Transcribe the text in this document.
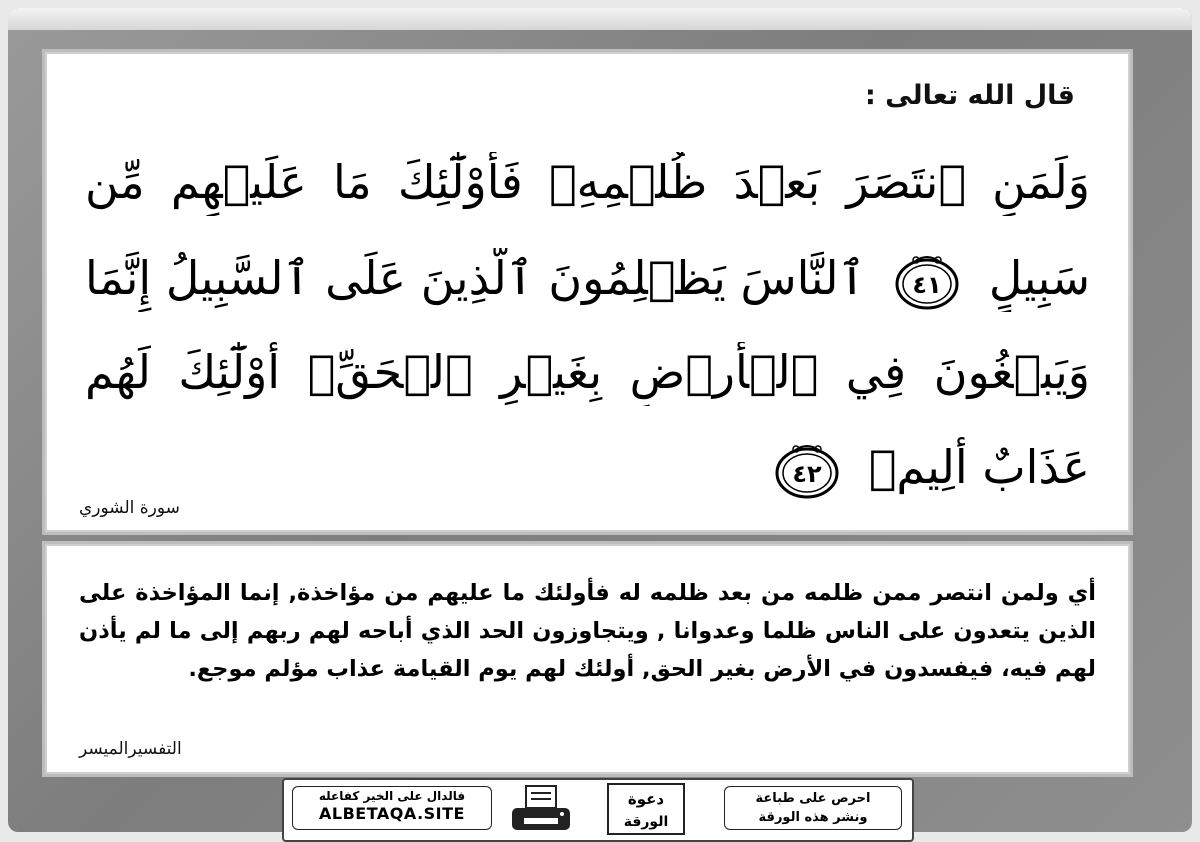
قال الله تعالى :
وَلَمَنِ ٱنتَصَرَ بَعۡدَ ظُلۡمِهِۦ فَأُوْلَٰٓئِكَ مَا عَلَيۡهِم مِّن
سَبِيلٍ
٤١
ٱلنَّاسَ يَظۡلِمُونَ ٱلَّذِينَ عَلَى ٱلسَّبِيلُ إِنَّمَا
وَيَبۡغُونَ فِي ٱلۡأَرۡضِ بِغَيۡرِ ٱلۡحَقِّۚ أُوْلَٰٓئِكَ لَهُم
عَذَابٌ أَلِيمٞ
٤٢
سورة الشوري
أي ولمن انتصر ممن ظلمه من بعد ظلمه له فأولئك ما عليهم من مؤاخذة, إنما المؤاخذة على الذين يتعدون على الناس ظلما وعدوانا , ويتجاوزون الحد الذي أباحه لهم ربهم إلى ما لم يأذن لهم فيه، فيفسدون في الأرض بغير الحق, أولئك لهم يوم القيامة عذاب مؤلم موجع.
التفسيرالميسر
احرص على طباعة
ونشر هذه الورقة
دعوة
الورقة
فالدال على الخير كفاعله
ALBETAQA.SITE
